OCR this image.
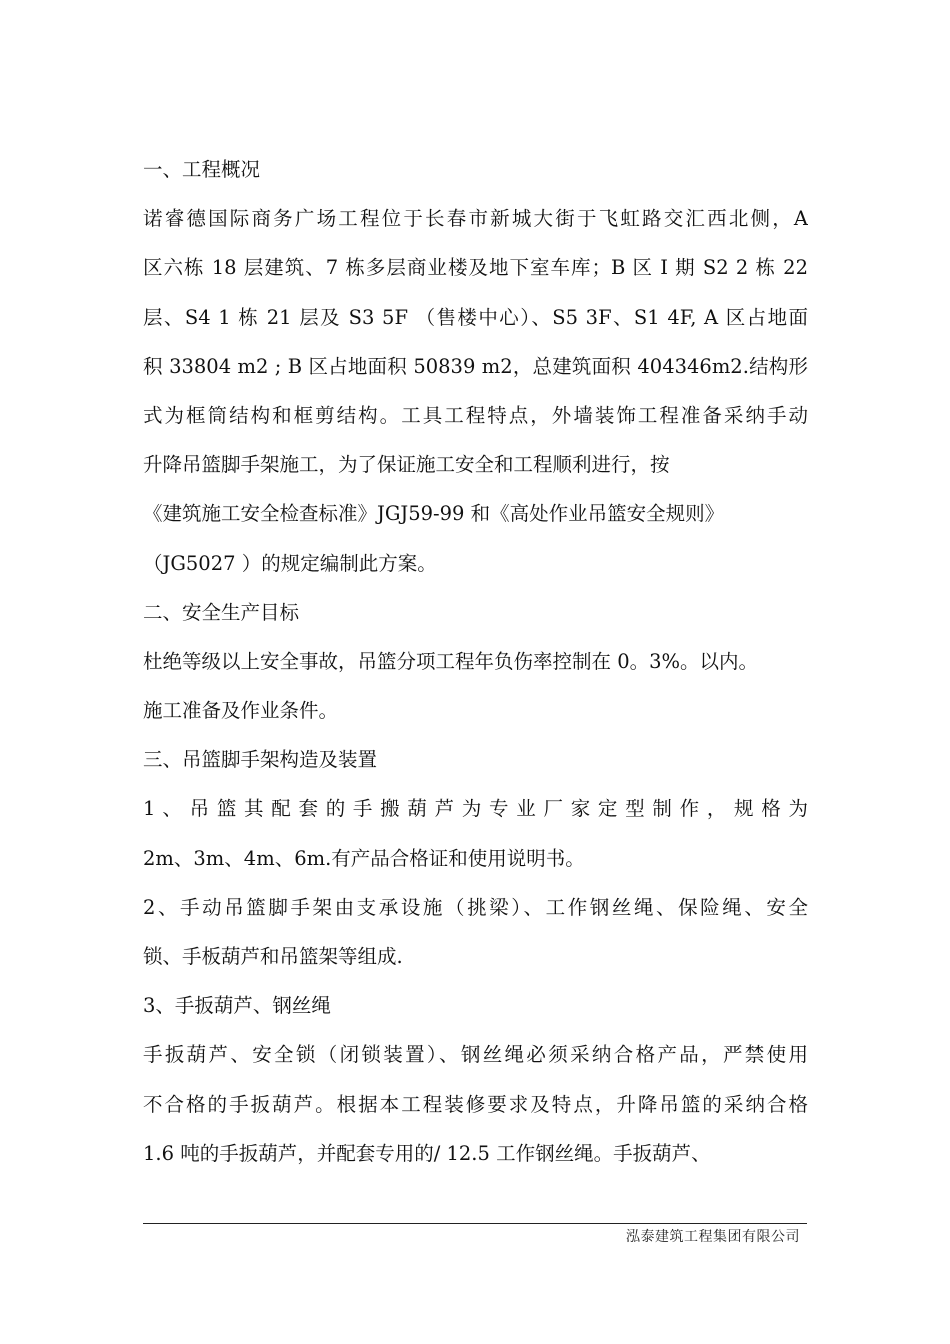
一、工程概况
诺睿德国际商务广场工程位于长春市新城大街于飞虹路交汇西北侧，A
区六栋 18 层建筑、7 栋多层商业楼及地下室车库；B 区 I 期 S2 2 栋 22
层、S4 1 栋 21 层及 S3 5F （售楼中心）、S5 3F、S1 4F, A 区占地面
积 33804 m2 ; B 区占地面积 50839 m2，总建筑面积 404346m2.结构形
式为框筒结构和框剪结构。工具工程特点，外墙装饰工程准备采纳手动
升降吊篮脚手架施工，为了保证施工安全和工程顺利进行，按
《建筑施工安全检查标准》JGJ59-99 和《高处作业吊篮安全规则》
（JG5027 ）的规定编制此方案。
二、安全生产目标
杜绝等级以上安全事故，吊篮分项工程年负伤率控制在 0。3%。以内。
施工准备及作业条件。
三、吊篮脚手架构造及装置
1 、 吊 篮 其 配 套 的 手 搬 葫 芦 为 专 业 厂 家 定 型 制 作 ， 规 格 为
2m、3m、4m、6m.有产品合格证和使用说明书。
2、手动吊篮脚手架由支承设施（挑梁）、工作钢丝绳、保险绳、安全
锁、手板葫芦和吊篮架等组成.
3、手扳葫芦、钢丝绳
手扳葫芦、安全锁（闭锁装置）、钢丝绳必须采纳合格产品，严禁使用
不合格的手扳葫芦。根据本工程装修要求及特点，升降吊篮的采纳合格
1.6 吨的手扳葫芦，并配套专用的/ 12.5 工作钢丝绳。手扳葫芦、
泓泰建筑工程集团有限公司
